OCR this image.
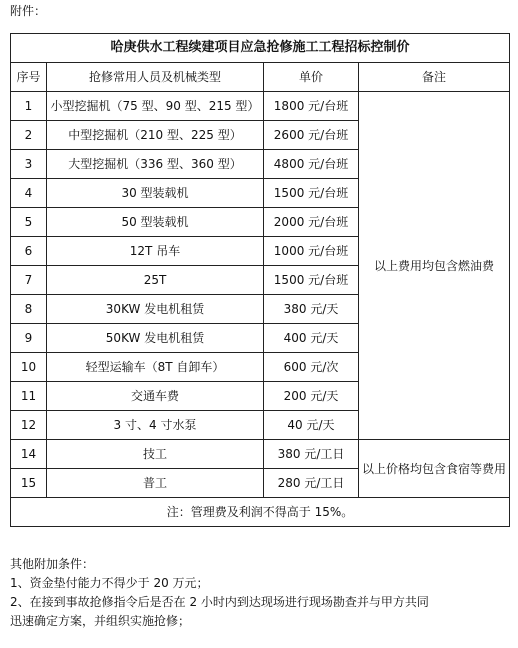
附件：
哈庚供水工程续建项目应急抢修施工工程招标控制价			
序号	抢修常用人员及机械类型	单价	备注
1	小型挖掘机（75 型、90 型、215 型）	1800 元/台班	以上费用均包含燃油费
2	中型挖掘机（210 型、225 型）	2600 元/台班	
3	大型挖掘机（336 型、360 型）	4800 元/台班	
4	30 型装载机	1500 元/台班	
5	50 型装载机	2000 元/台班	
6	12T 吊车	1000 元/台班	
7	25T	1500 元/台班	
8	30KW 发电机租赁	380 元/天	
9	50KW 发电机租赁	400 元/天	
10	轻型运输车（8T 自卸车）	600 元/次	
11	交通车费	200 元/天	
12	3 寸、4 寸水泵	40 元/天	
14	技工	380 元/工日	以上价格均包含食宿等费用
15	普工	280 元/工日	
注：管理费及利润不得高于 15%。			
其他附加条件：
1、资金垫付能力不得少于 20 万元；
2、在接到事故抢修指令后是否在 2 小时内到达现场进行现场勘查并与甲方共同
迅速确定方案，并组织实施抢修；
